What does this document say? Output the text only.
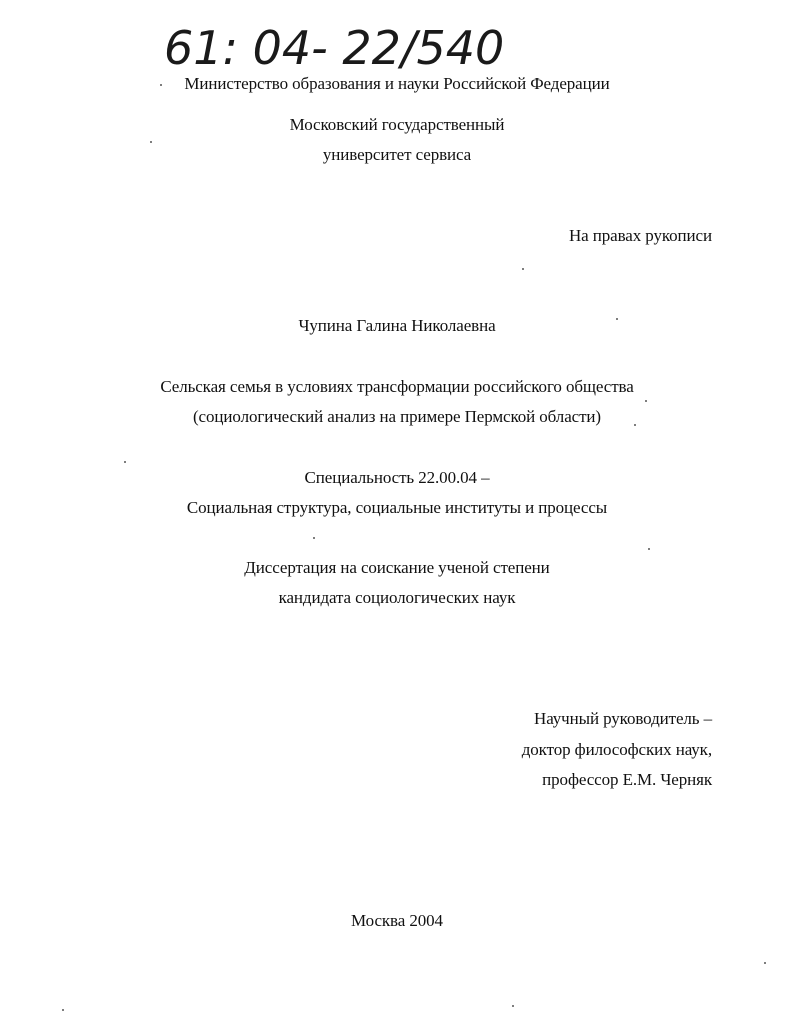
61: 04- 22/540
Министерство образования и науки Российской Федерации
Московский государственный
университет сервиса
На правах рукописи
Чупина Галина Николаевна
Сельская семья в условиях трансформации российского общества
(социологический анализ на примере Пермской области)
Специальность 22.00.04 –
Социальная структура, социальные институты и процессы
Диссертация на соискание ученой степени
кандидата социологических наук
Научный руководитель –
доктор философских наук,
профессор Е.М. Черняк
Москва 2004
